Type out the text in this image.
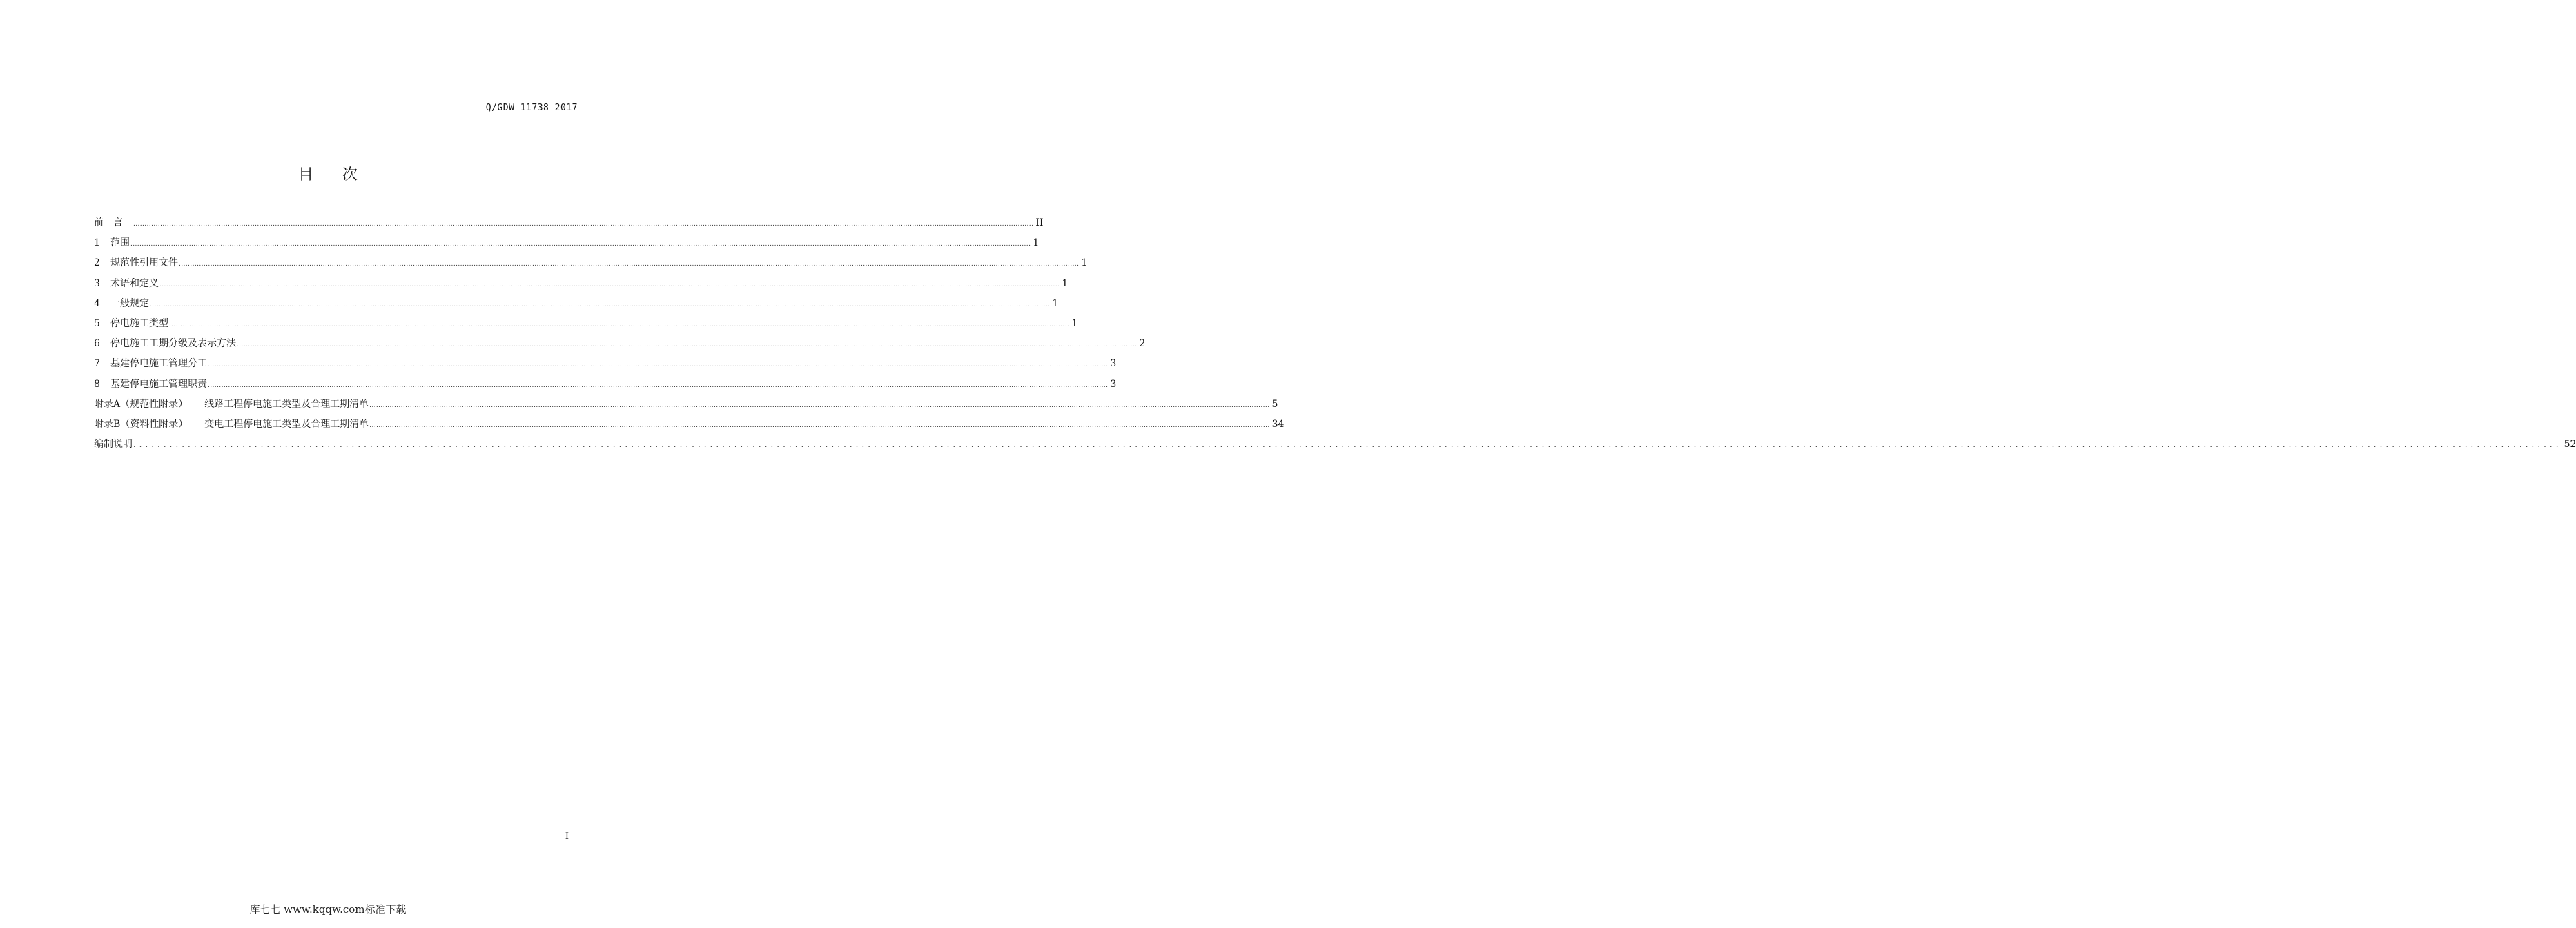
Q/GDW 11738 2017
目次
前言 ................................................................................................................................................................................................................................................................................................................................................................................................................ II
1	范围 ................................................................................................................................................................................................................................................................................................................................................................................................................ 1
2	规范性引用文件 ................................................................................................................................................................................................................................................................................................................................................................................................................ 1
3	术语和定义 ................................................................................................................................................................................................................................................................................................................................................................................................................ 1
4	一般规定 ................................................................................................................................................................................................................................................................................................................................................................................................................ 1
5	停电施工类型 ................................................................................................................................................................................................................................................................................................................................................................................................................ 1
6	停电施工工期分级及表示方法 ................................................................................................................................................................................................................................................................................................................................................................................................................ 2
7	基建停电施工管理分工 ................................................................................................................................................................................................................................................................................................................................................................................................................ 3
8	基建停电施工管理职责 ................................................................................................................................................................................................................................................................................................................................................................................................................ 3
附录A（规范性附录） 线路工程停电施工类型及合理工期清单 ................................................................................................................................................................................................................................................................................................................................................................................................................ 5
附录B（资料性附录） 变电工程停电施工类型及合理工期清单 ................................................................................................................................................................................................................................................................................................................................................................................................................ 34
编制说明 ................................................................................................................................................................................................................................................................................................................................................................................................................ 52
I
库七七 www.kqqw.com标准下载
